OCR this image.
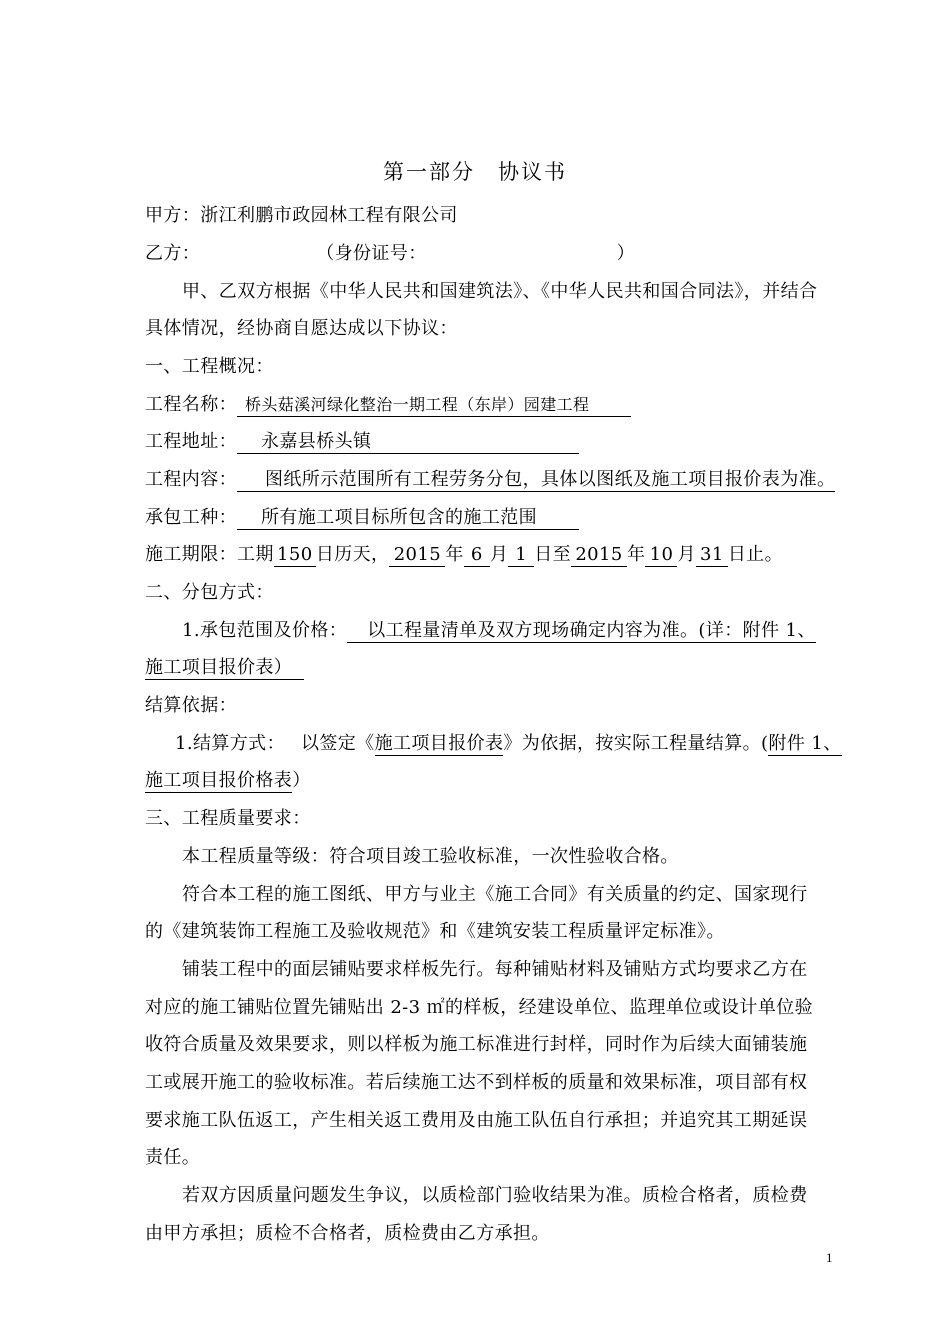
第一部分　协议书
甲方：浙江利鹏市政园林工程有限公司
乙方：	（身份证号：	）
甲、乙双方根据《中华人民共和国建筑法》、《中华人民共和国合同法》，并结合
具体情况，经协商自愿达成以下协议：
一、工程概况：
工程名称： 桥头菇溪河绿化整治一期工程（东岸）园建工程
工程地址： 永嘉县桥头镇
工程内容： 图纸所示范围所有工程劳务分包，具体以图纸及施工项目报价表为准。
承包工种： 所有施工项目标所包含的施工范围
施工期限：工期 150 日历天， 2015 年 6 月 1 日至 2015 年 10 月 31 日止。
二、分包方式：
1.承包范围及价格： 以工程量清单及双方现场确定内容为准。(详：附件 1、
施工项目报价表）
结算依据：
1.结算方式： 以签定《施工项目报价表》为依据，按实际工程量结算。(附件 1、
施工项目报价格表）
三、工程质量要求：
本工程质量等级：符合项目竣工验收标准，一次性验收合格。
符合本工程的施工图纸、甲方与业主《施工合同》有关质量的约定、国家现行
的《建筑装饰工程施工及验收规范》和《建筑安装工程质量评定标准》。
铺装工程中的面层铺贴要求样板先行。每种铺贴材料及铺贴方式均要求乙方在
对应的施工铺贴位置先铺贴出 2-3 ㎡的样板，经建设单位、监理单位或设计单位验
收符合质量及效果要求，则以样板为施工标准进行封样，同时作为后续大面铺装施
工或展开施工的验收标准。若后续施工达不到样板的质量和效果标准，项目部有权
要求施工队伍返工，产生相关返工费用及由施工队伍自行承担；并追究其工期延误
责任。
若双方因质量问题发生争议，以质检部门验收结果为准。质检合格者，质检费
由甲方承担；质检不合格者，质检费由乙方承担。
1
